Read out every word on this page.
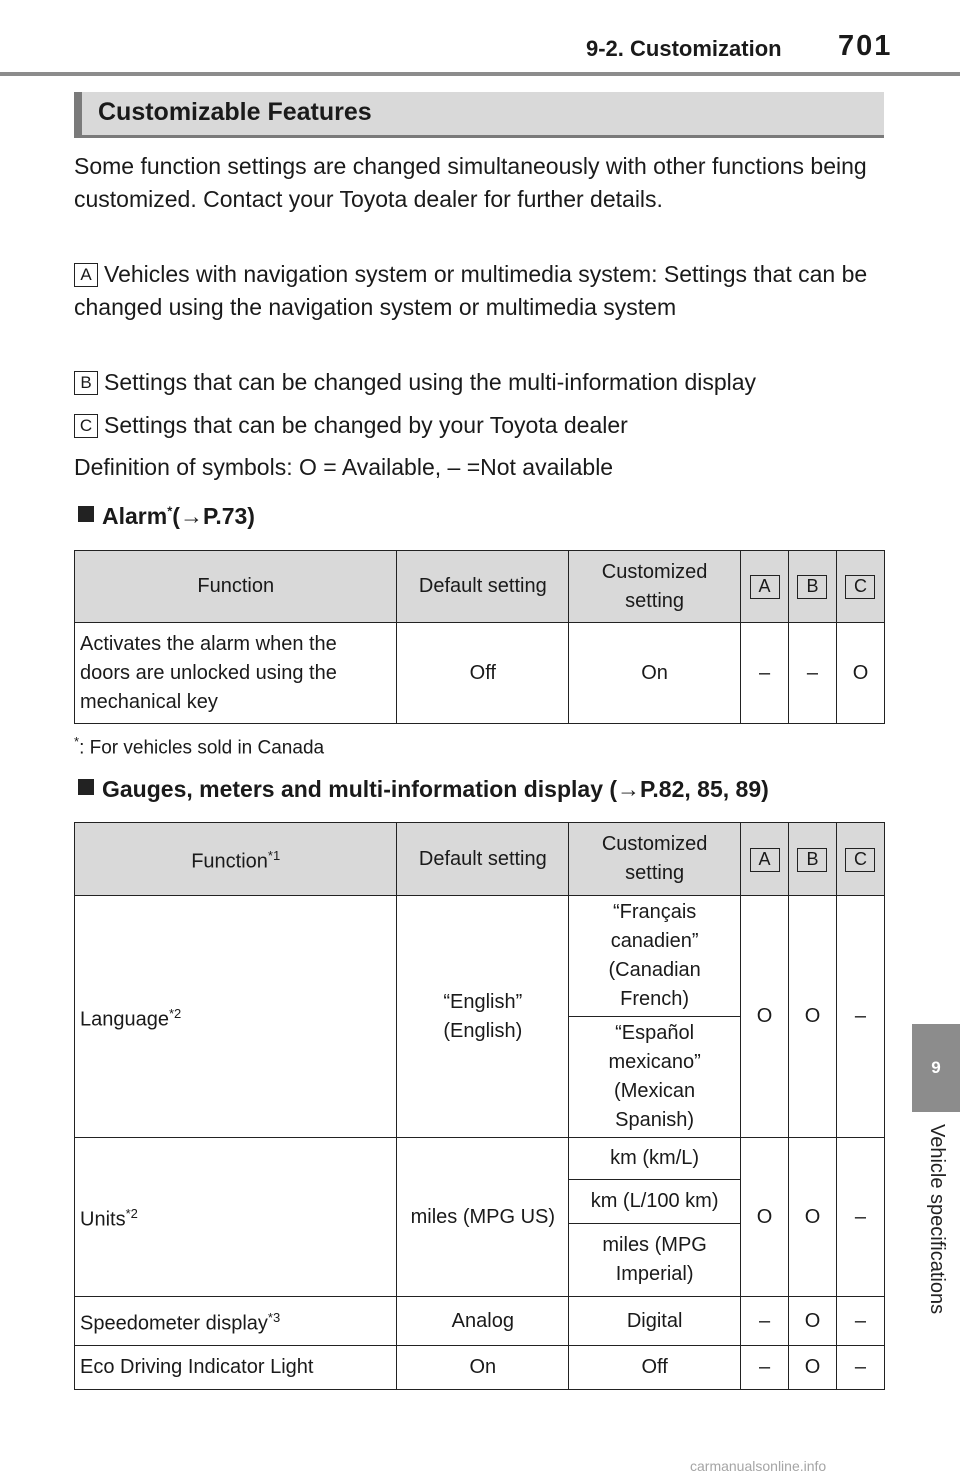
9-2. Customization 701
9
Vehicle specifications
Customizable Features
Some function settings are changed simultaneously with other functions being customized. Contact your Toyota dealer for further details.
A Vehicles with navigation system or multimedia system: Settings that can be changed using the navigation system or multimedia system
B Settings that can be changed using the multi-information display
C Settings that can be changed by your Toyota dealer
Definition of symbols: O = Available, – =Not available
Alarm*(→P.73)
Function	Default setting	Customized setting	A	B	C
Activates the alarm when the doors are unlocked using the mechanical key	Off	On	–	–	O
*: For vehicles sold in Canada
Gauges, meters and multi-information display (→P.82, 85, 89)
Function$^{*1}$	Default setting	Customized setting	A	B	C
Language$^{*2}$	“English” (English)	“Français canadien” (Canadian French)	O	O	–
		“Español mexicano” (Mexican Spanish)			
Units$^{*2}$	miles (MPG US)	km (km/L)	O	O	–
		km (L/100 km)			
		miles (MPG Imperial)			
Speedometer display$^{*3}$	Analog	Digital	–	O	–
Eco Driving Indicator Light	On	Off	–	O	–
carmanualsonline.info
